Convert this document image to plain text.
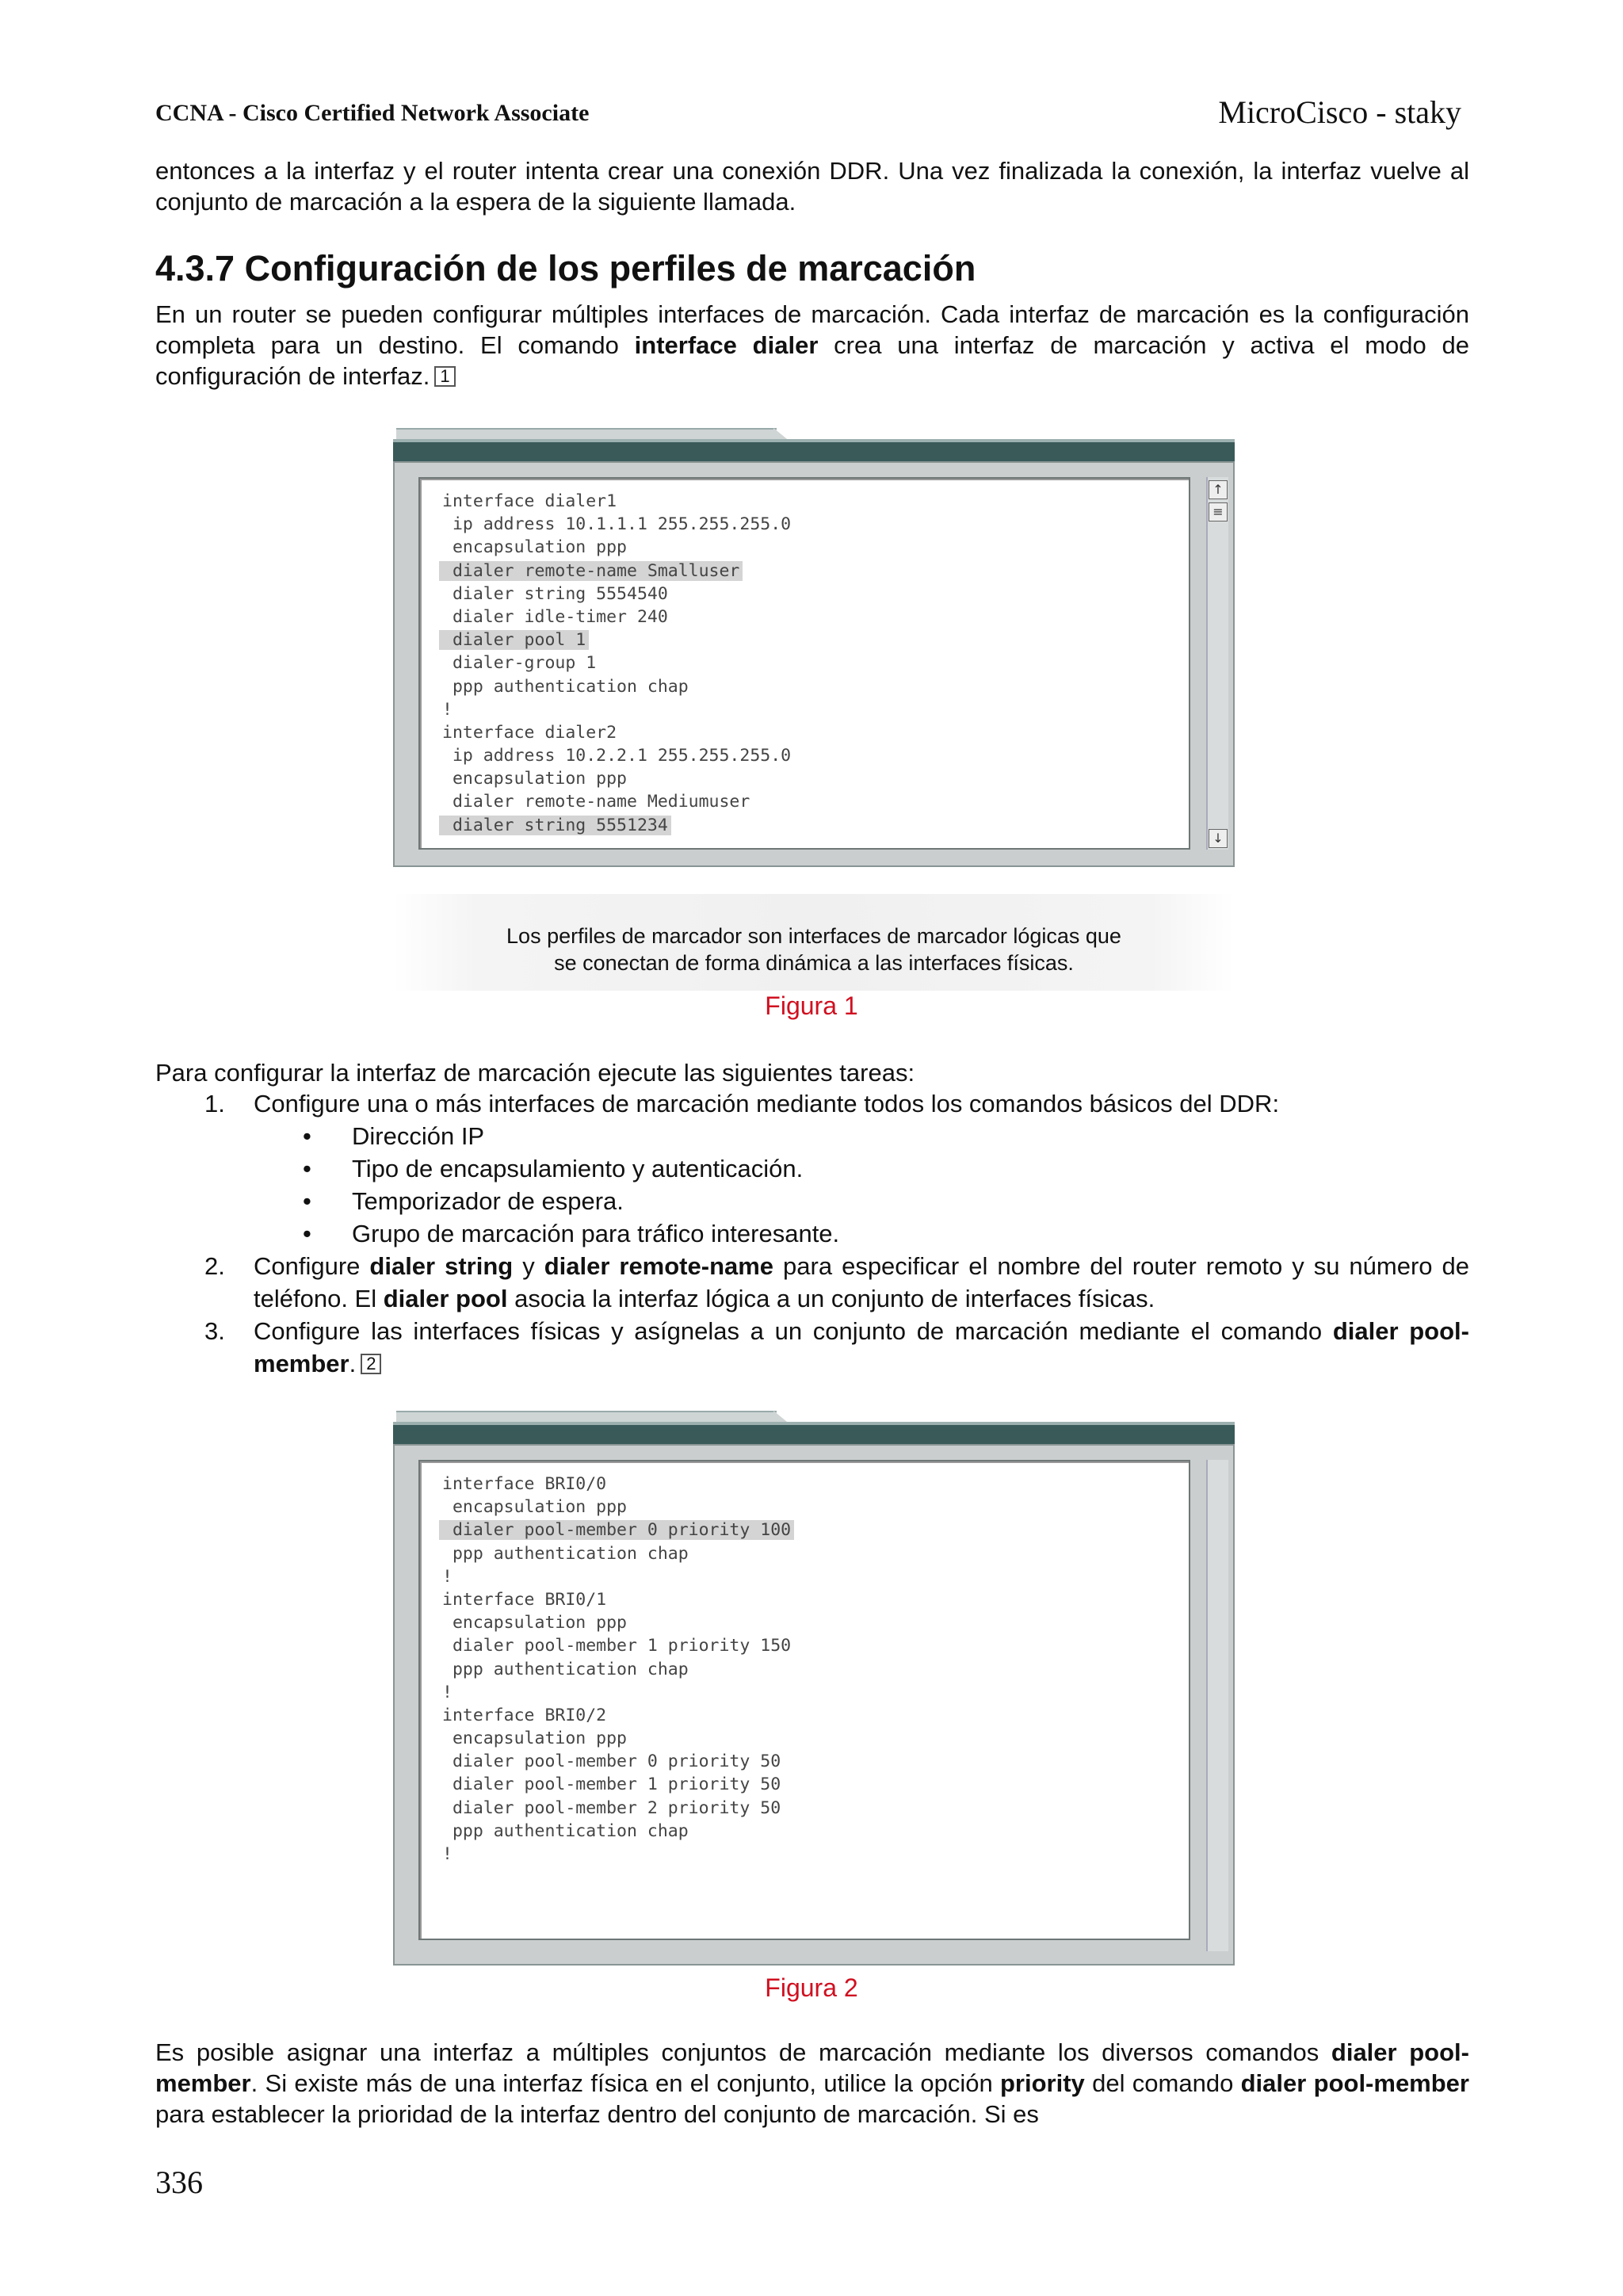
CCNA - Cisco Certified Network Associate	MicroCisco - staky
entonces a la interfaz y el router intenta crear una conexión DDR. Una vez finalizada la conexión, la interfaz vuelve al conjunto de marcación a la espera de la siguiente llamada.
4.3.7 Configuración de los perfiles de marcación
En un router se pueden configurar múltiples interfaces de marcación. Cada interfaz de marcación es la configuración completa para un destino. El comando interface dialer crea una interfaz de marcación y activa el modo de configuración de interfaz. 1
interface dialer1
ip address 10.1.1.1 255.255.255.0
encapsulation ppp
dialer remote-name Smalluser
dialer string 5554540
dialer idle-timer 240
dialer pool 1
dialer-group 1
ppp authentication chap
!
interface dialer2
ip address 10.2.2.1 255.255.255.0
encapsulation ppp
dialer remote-name Mediumuser
dialer string 5551234
↑
≡
↓
Los perfiles de marcador son interfaces de marcador lógicas que
se conectan de forma dinámica a las interfaces físicas.
Figura 1
Para configurar la interfaz de marcación ejecute las siguientes tareas:
1. Configure una o más interfaces de marcación mediante todos los comandos básicos del DDR:
• Dirección IP
• Tipo de encapsulamiento y autenticación.
• Temporizador de espera.
• Grupo de marcación para tráfico interesante.
2. Configure dialer string y dialer remote-name para especificar el nombre del router remoto y su número de teléfono. El dialer pool asocia la interfaz lógica a un conjunto de interfaces físicas.
3. Configure las interfaces físicas y asígnelas a un conjunto de marcación mediante el comando dialer pool-member. 2
interface BRI0/0
encapsulation ppp
dialer pool-member 0 priority 100
ppp authentication chap
!
interface BRI0/1
encapsulation ppp
dialer pool-member 1 priority 150
ppp authentication chap
!
interface BRI0/2
encapsulation ppp
dialer pool-member 0 priority 50
dialer pool-member 1 priority 50
dialer pool-member 2 priority 50
ppp authentication chap
!
Figura 2
Es posible asignar una interfaz a múltiples conjuntos de marcación mediante los diversos comandos dialer pool-member. Si existe más de una interfaz física en el conjunto, utilice la opción priority del comando dialer pool-member para establecer la prioridad de la interfaz dentro del conjunto de marcación. Si es
336
